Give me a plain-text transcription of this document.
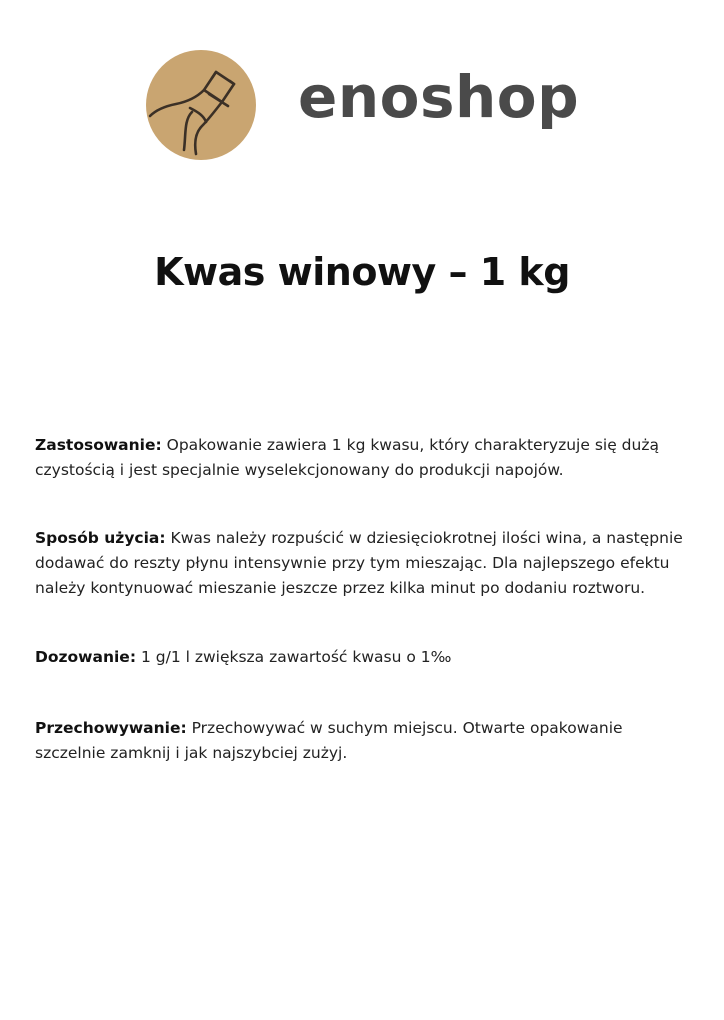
enoshop
Kwas winowy – 1 kg

Zastosowanie: Opakowanie zawiera 1 kg kwasu, który charakteryzuje się dużą czystością i jest specjalnie wyselekcjonowany do produkcji napojów.

Sposób użycia: Kwas należy rozpuścić w dziesięciokrotnej ilości wina, a następnie dodawać do reszty płynu intensywnie przy tym mieszając. Dla najlepszego efektu należy kontynuować mieszanie jeszcze przez kilka minut po dodaniu roztworu.

Dozowanie: 1 g/1 l zwiększa zawartość kwasu o 1‰

Przechowywanie: Przechowywać w suchym miejscu. Otwarte opakowanie szczelnie zamknij i jak najszybciej zużyj.
